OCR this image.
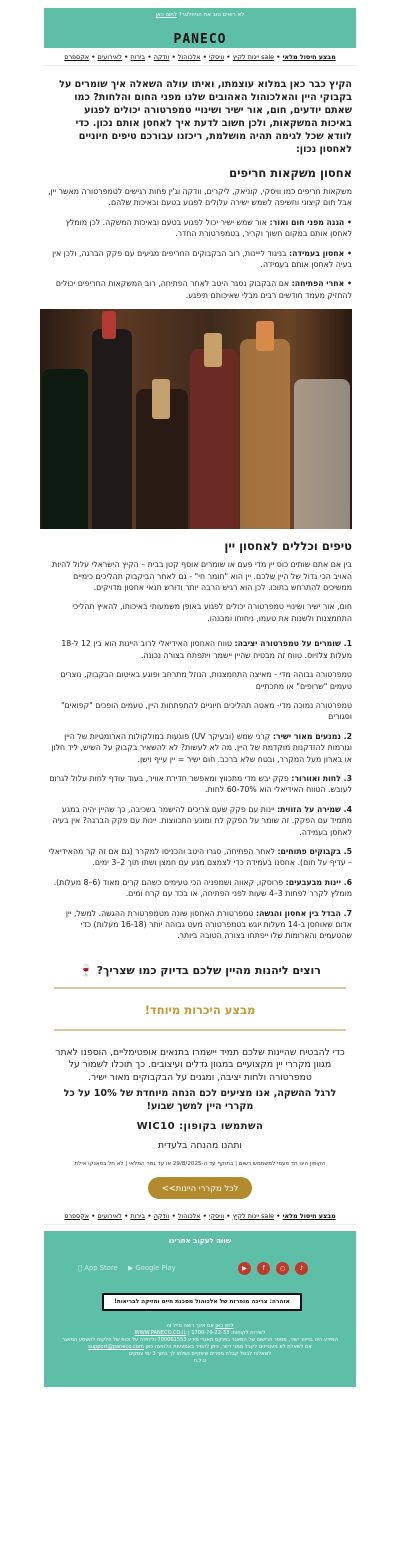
לא רואים טוב את הניוזלטר? לחצו כאן
PANECO
מבצע חיסול מלאי • sale יינות לקיץ • וויסקי • אלכוהול • וודקה • בירות • לאירועים • אקספרס
הקיץ כבר כאן במלוא עוצמתו, ואיתו עולה השאלה איך שומרים על בקבוקי היין והאלכוהול האהובים שלנו מפני החום והלחות? כמו שאתם יודעים, חום, אור ישיר ושינויי טמפרטורה יכולים לפגוע באיכות המשקאות, ולכן חשוב לדעת איך לאחסן אותם נכון. כדי לוודא שכל לגימה תהיה מושלמת, ריכזנו עבורכם טיפים חיוניים לאחסון נכון:
אחסון משקאות חריפים

משקאות חריפים כמו וויסקי, קוניאק, ליקרים, וודקה וג'ין פחות רגישים לטמפרטורה מאשר יין, אבל חום קיצוני וחשיפה לשמש ישירה עלולים לפגוע בטעם ובאיכות שלהם.

• הגנה מפני חום ואור: אור שמש ישיר יכול לפגוע בטעם ובאיכות המשקה. לכן מומלץ לאחסן אותם במקום חשוך וקריר, בטמפרטורת החדר.

• אחסון בעמידה: בניגוד לייינות, רוב הבקבוקים החריפים מגיעים עם פקק הברגה, ולכן אין בעיה לאחסן אותם בעמידה.

• אחרי הפתיחה: אם הבקבוק נסגר היטב לאחר הפתיחה, רוב המשקאות החריפים יכולים להחזיק מעמד חודשים רבים מבלי שאיכותם תיפגע.

טיפים וכללים לאחסון יין

בין אם אתם שותים כוס יין מדי פעם או שומרים אוסף קטן בבית – הקיץ הישראלי עלול להיות האויב הכי גדול של היין שלכם. יין הוא "חומר חי" - גם לאחר הביקבוק תהליכים כימיים ממשיכים להתרחש בתוכו. לכן הוא רגיש הרבה יותר ודורש תנאי אחסון מדויקים.

חום, אור ישיר ושינויי טמפרטורה יכולים לפגוע באופן משמעותי באיכותו, להאיץ תהליכי התחמצנות ולשנות את טעמו, ניחוחו ומבנהו.

1. שומרים על טמפרטורה יציבה: טווח האחסון האידיאלי לרוב היינות הוא בין 12 ל-18 מעלות צלזיוס. טווח זה מבטיח שהיין יישמר ויתפתח בצורה נכונה.

טמפרטורה גבוהה מדי - מאיצה התחמצנות, הנוזל מתרחב ופוגע באיטום הבקבוק, נוצרים טעמים "שרופים" או מתכתיים

טמפרטורה נמוכה מדי- מאטה תהליכים חיוניים להתפתחות היין, טעמים הופכים "קפואים" וסגורים

2. נמנעים מאור ישיר: קרני שמש (ובעיקר UV) פוגעות במולקולות הארומטיות של היין וגורמות להזדקנות מוקדמת של היין. מה לא לעשות? לא להשאיר בקבוק על השיש, ליד חלון או בארון מעל המקרר, ובטח שלא ברכב. חום ישיר = יין עייף וישן.

3. לחות ואוורור: פקק יבש מדי מתכווץ ומאפשר חדירת אוויר, בעוד עודף לחות עלול לגרום לעובש. הטווח האידיאלי הוא 60-70% לחות.

4. שמירה על הזווית: יינות עם פקק שעם צריכים להישמר בשכיבה, כך שהיין יהיה במגע מתמיד עם הפקק. זה שומר על הפקק לח ומונע התכווצות. יינות עם פקק הברגה? אין בעיה לאחסן בעמידה.

5. בקבוקים פתוחים: לאחר הפתיחה, סגרו היטב והכניסו למקרר (גם אם זה קר מהאידיאלי – עדיף על חום). אחסנו בעמידה כדי לצמצם מגע עם חמצן ושתו תוך 2–3 ימים.

6. יינות מבעבעים: פרוסקו, קאווה ושמפניה הכי טעימים כשהם קרים מאוד (6–8 מעלות). מומלץ לקרר לפחות 3–4 שעות לפני הפתיחה, או בכד עם קרח ומים.

7. הבדל בין אחסון והגשה: טמפרטורת האחסון שונה מטמפרטורת ההגשה. למשל, יין אדום שאוחסן ב-14 מעלות יוגש בטמפרטורה מעט גבוהה יותר (16-18 מעלות) כדי שהטעמים והארומות שלו ייפתחו בצורה הטובה ביותר.

רוצים ליהנות מהיין שלכם בדיוק כמו שצריך? 🍷
מבצע היכרות מיוחד!

כדי להבטיח שהיינות שלכם תמיד יישמרו בתנאים אופטימליים, הוספנו לאתר מגוון מקררי יין מקצועיים במגוון גדלים ועיצובים. כך תוכלו לשמור על טמפרטורה ולחות יציבה, ומגנים על הבקבוקים מאור ישיר.

לרגל ההשקה, אנו מציעים לכם הנחה מיוחדת של 10% על כל מקררי היין למשך שבוע!

השתמשו בקופון: WIC10

ותהנו מהנחה בלעדית

הקופון הינו חד פעמי למשתמש רשום | בתוקף עד ה-29/8/2025 או עד גמר המלאי | לא חל בפאנקו אילת
לכל מקררי היינות>>
מבצע חיסול מלאי • sale יינות לקיץ • וויסקי • אלכוהול • וודקה • בירות • לאירועים • אקספרס
שווה לעקוב אחרינו
App Store ▶ Google Play	▶	f	○	♪
אזהרה: צריכה מופרזת של אלכוהול מסכנת חיים ומזיקה לבריאות!
לחץ כאן אם אינך רואה מייל זה
לשירות לקוחות: 1700-70-22-33 | WWW.PANECO.CO.IL
המידע הינו בדיוור ישיר, מספר הרישום של המאגר בפנקס מאגרי מידע 700061553 וליחידה על זכות של הלקוח להשמע המאגר
אם לשאלת לא מעוניינים לקבל ממני דיוור, ניתן להסיר באמצעות הלחיצה כאן support@paneco.com
לשאלות לבטל קבלת מסרים שיווקיים נשלחו לך בתוך 3 ימי עסקים
ט.ל.ח
